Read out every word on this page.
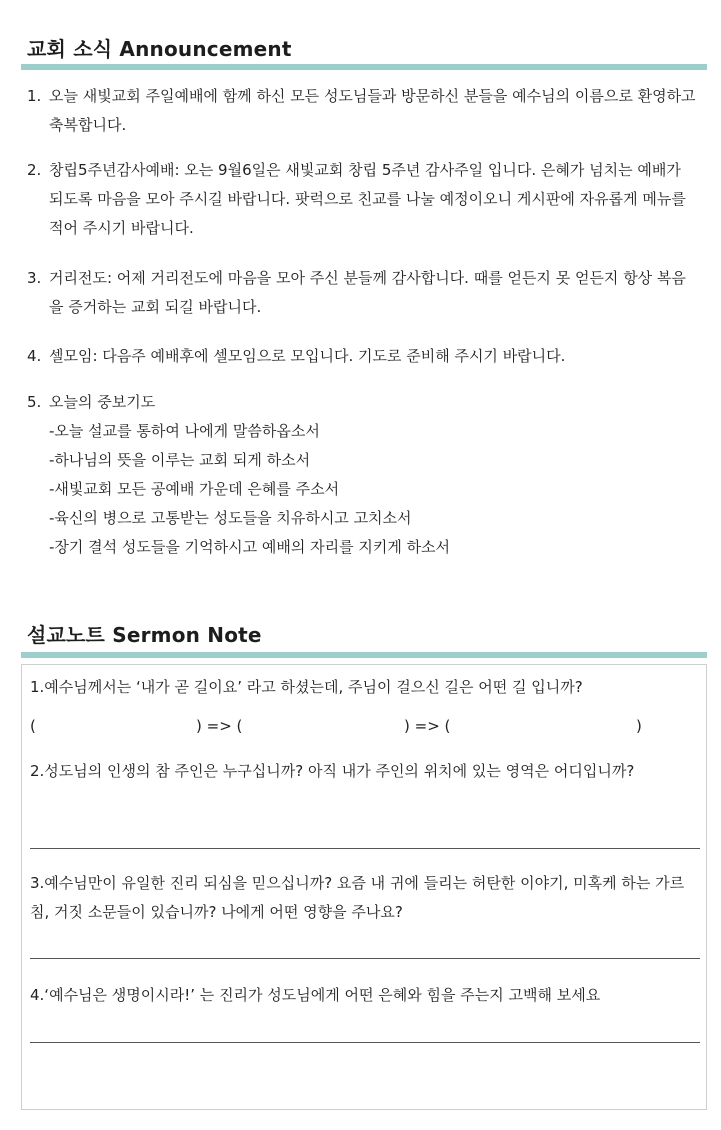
교회 소식 Announcement
1. 오늘 새빛교회 주일예배에 함께 하신 모든 성도님들과 방문하신 분들을 예수님의 이름으로 환영하고 축복합니다.
2. 창립5주년감사예배: 오는 9월6일은 새빛교회 창립 5주년 감사주일 입니다. 은혜가 넘치는 예배가 되도록 마음을 모아 주시길 바랍니다. 팟럭으로 친교를 나눌 예정이오니 게시판에 자유롭게 메뉴를 적어 주시기 바랍니다.
3. 거리전도: 어제 거리전도에 마음을 모아 주신 분들께 감사합니다. 때를 얻든지 못 얻든지 항상 복음을 증거하는 교회 되길 바랍니다.
4. 셀모임: 다음주 예배후에 셀모임으로 모입니다. 기도로 준비해 주시기 바랍니다.
5. 오늘의 중보기도
-오늘 설교를 통하여 나에게 말씀하옵소서
-하나님의 뜻을 이루는 교회 되게 하소서
-새빛교회 모든 공예배 가운데 은혜를 주소서
-육신의 병으로 고통받는 성도들을 치유하시고 고치소서
-장기 결석 성도들을 기억하시고 예배의 자리를 지키게 하소서
설교노트 Sermon Note
1.예수님께서는 ‘내가 곧 길이요’ 라고 하셨는데, 주님이 걸으신 길은 어떤 길 입니까?
(	) => (	) => (	)
2.성도님의 인생의 참 주인은 누구십니까? 아직 내가 주인의 위치에 있는 영역은 어디입니까?
3.예수님만이 유일한 진리 되심을 믿으십니까? 요즘 내 귀에 들리는 허탄한 이야기, 미혹케 하는 가르침, 거짓 소문들이 있습니까? 나에게 어떤 영향을 주나요?
4.‘예수님은 생명이시라!’ 는 진리가 성도님에게 어떤 은혜와 힘을 주는지 고백해 보세요
